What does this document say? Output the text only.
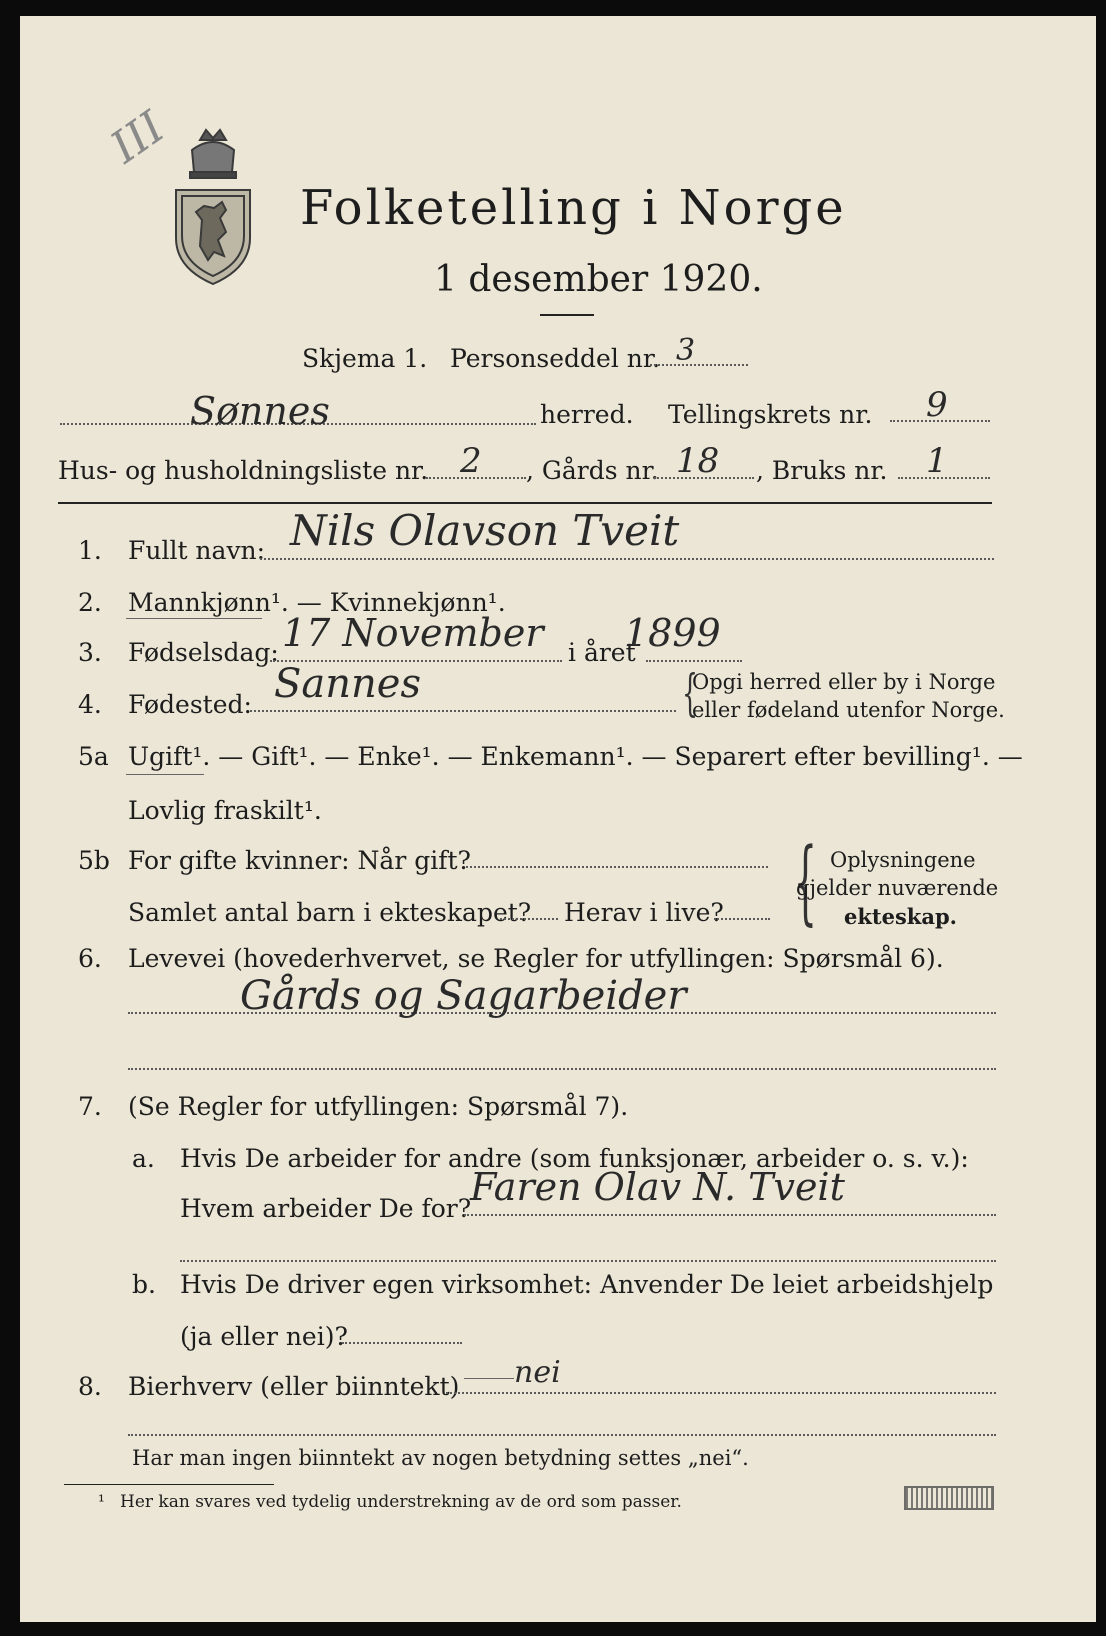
III
Folketelling i Norge
1 desember 1920.
Skjema 1. Personseddel nr. 3
Sønnes	herred. Tellingskrets nr. 9
Hus- og husholdningsliste nr. 2 , Gårds nr. 18 , Bruks nr. 1
1. Fullt navn: Nils Olavson Tveit
2. Mannkjønn¹. — Kvinnekjønn¹.
3. Fødselsdag: 17 November i året
1899
4. Fødested: Sannes	{
Opgi herred eller by i Norge
eller fødeland utenfor Norge.
5a Ugift¹. — Gift¹. — Enke¹. — Enkemann¹. — Separert efter bevilling¹. —
Lovlig fraskilt¹.
5b For gifte kvinner: Når gift?
Samlet antal barn i ekteskapet? Herav i live? { Oplysningene
gjelder nuværende
ekteskap.
6. Levevei (hovederhvervet, se Regler for utfyllingen: Spørsmål 6).
Gårds og Sagarbeider
7. (Se Regler for utfyllingen: Spørsmål 7).
a. Hvis De arbeider for andre (som funksjonær, arbeider o. s. v.):
Hvem arbeider De for?
Faren Olav N. Tveit
b. Hvis De driver egen virksomhet: Anvender De leiet arbeidshjelp
(ja eller nei)?
8. Bierhverv (eller biinntekt) nei
Har man ingen biinntekt av nogen betydning settes „nei“.
¹ Her kan svares ved tydelig understrekning av de ord som passer.
